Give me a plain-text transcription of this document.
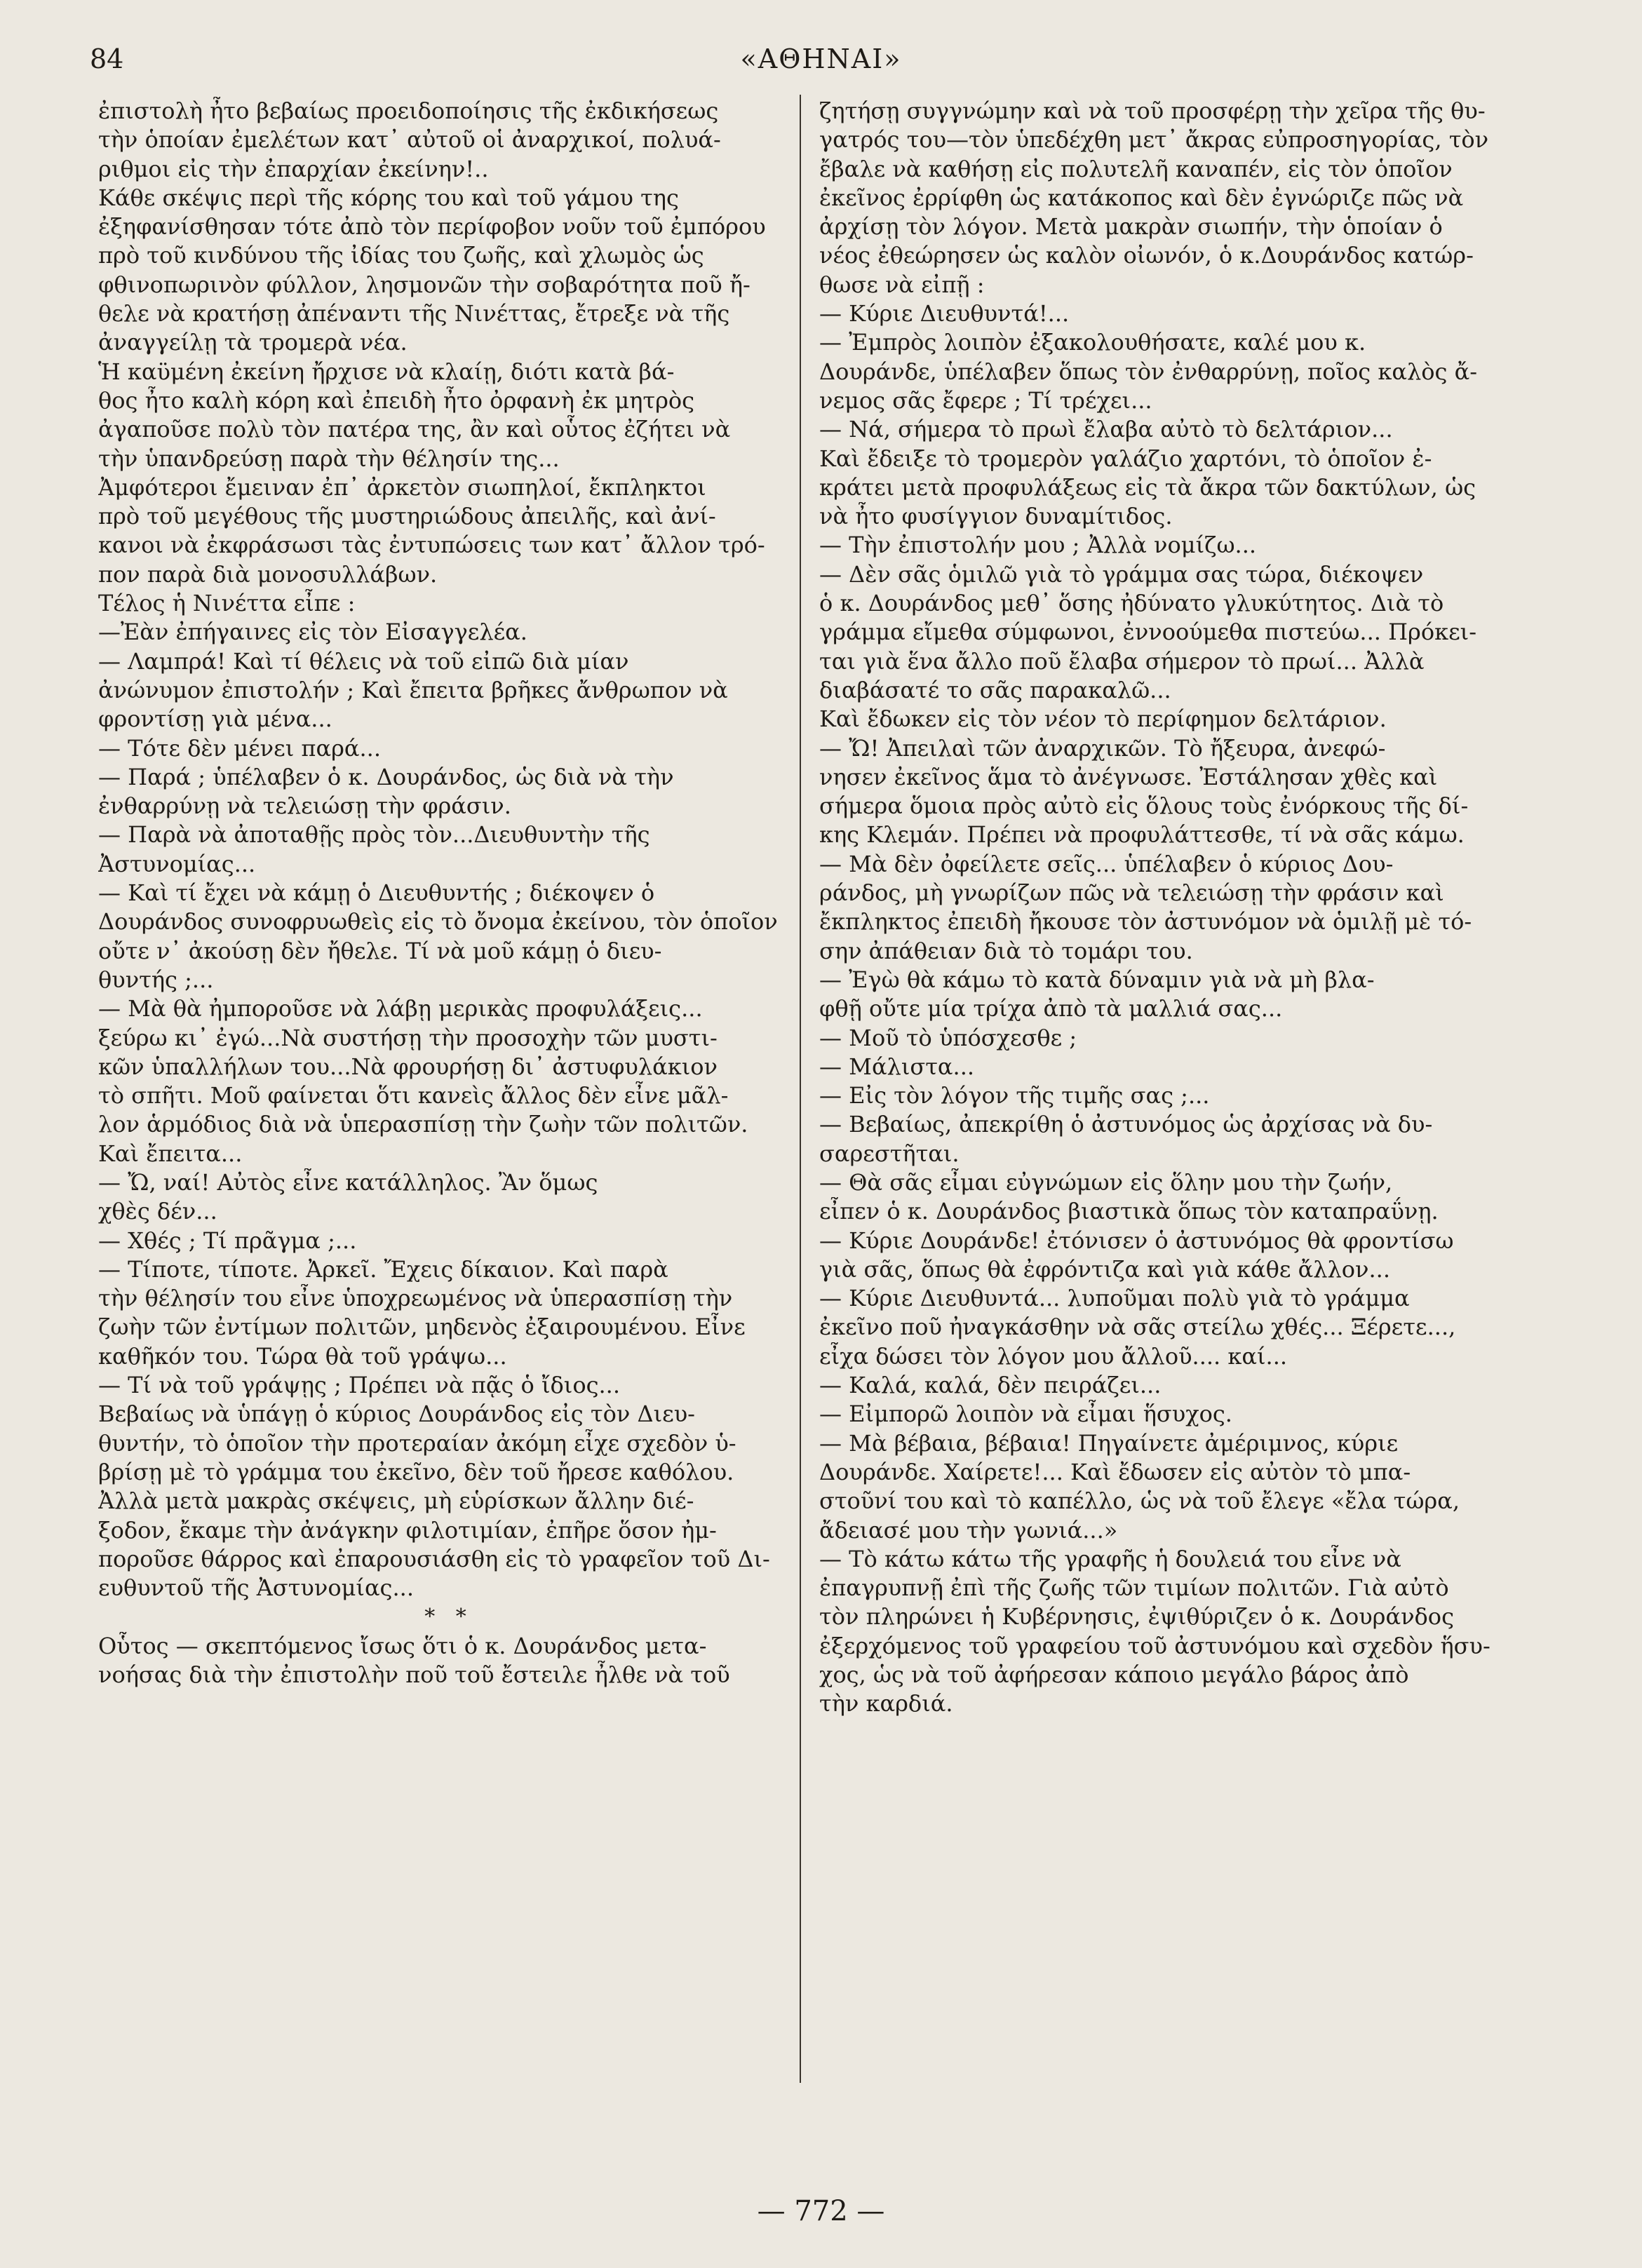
84	«ΑΘΗΝΑΙ»
ἐπιστολὴ ἦτο βεβαίως προειδοποίησις τῆς ἐκδικήσεως
τὴν ὁποίαν ἐμελέτων κατ᾿ αὐτοῦ οἱ ἀναρχικοί, πολυά-
ριθμοι εἰς τὴν ἐπαρχίαν ἐκείνην!..
Κάθε σκέψις περὶ τῆς κόρης του καὶ τοῦ γάμου της
ἐξηφανίσθησαν τότε ἀπὸ τὸν περίφοβον νοῦν τοῦ ἐμπόρου
πρὸ τοῦ κινδύνου τῆς ἰδίας του ζωῆς, καὶ χλωμὸς ὡς
φθινοπωρινὸν φύλλον, λησμονῶν τὴν σοβαρότητα ποῦ ἤ-
θελε νὰ κρατήσῃ ἀπέναντι τῆς Νινέττας, ἔτρεξε νὰ τῆς
ἀναγγείλῃ τὰ τρομερὰ νέα.
Ἡ καϋμένη ἐκείνη ἤρχισε νὰ κλαίῃ, διότι κατὰ βά-
θος ἦτο καλὴ κόρη καὶ ἐπειδὴ ἦτο ὀρφανὴ ἐκ μητρὸς
ἀγαποῦσε πολὺ τὸν πατέρα της, ἂν καὶ οὗτος ἐζήτει νὰ
τὴν ὑπανδρεύσῃ παρὰ τὴν θέλησίν της...
Ἀμφότεροι ἔμειναν ἐπ᾿ ἀρκετὸν σιωπηλοί, ἔκπληκτοι
πρὸ τοῦ μεγέθους τῆς μυστηριώδους ἀπειλῆς, καὶ ἀνί-
κανοι νὰ ἐκφράσωσι τὰς ἐντυπώσεις των κατ᾿ ἄλλον τρό-
πον παρὰ διὰ μονοσυλλάβων.
Τέλος ἡ Νινέττα εἶπε :
—Ἐὰν ἐπήγαινες εἰς τὸν Εἰσαγγελέα.
— Λαμπρά! Καὶ τί θέλεις νὰ τοῦ εἰπῶ διὰ μίαν
ἀνώνυμον ἐπιστολήν ; Καὶ ἔπειτα βρῆκες ἄνθρωπον νὰ
φροντίσῃ γιὰ μένα...
— Τότε δὲν μένει παρά...
— Παρά ; ὑπέλαβεν ὁ κ. Δουράνδος, ὡς διὰ νὰ τὴν
ἐνθαρρύνῃ νὰ τελειώσῃ τὴν φράσιν.
— Παρὰ νὰ ἀποταθῇς πρὸς τὸν...Διευθυντὴν τῆς
Ἀστυνομίας...
— Καὶ τί ἔχει νὰ κάμῃ ὁ Διευθυντής ; διέκοψεν ὁ
Δουράνδος συνοφρυωθεὶς εἰς τὸ ὄνομα ἐκείνου, τὸν ὁποῖον
οὔτε ν᾿ ἀκούσῃ δὲν ἤθελε. Τί νὰ μοῦ κάμῃ ὁ διευ-
θυντής ;...
— Μὰ θὰ ἠμποροῦσε νὰ λάβῃ μερικὰς προφυλάξεις...
ξεύρω κι᾿ ἐγώ...Νὰ συστήσῃ τὴν προσοχὴν τῶν μυστι-
κῶν ὑπαλλήλων του...Νὰ φρουρήσῃ δι᾿ ἀστυφυλάκιον
τὸ σπῆτι. Μοῦ φαίνεται ὅτι κανεὶς ἄλλος δὲν εἶνε μᾶλ-
λον ἁρμόδιος διὰ νὰ ὑπερασπίσῃ τὴν ζωὴν τῶν πολιτῶν.
Καὶ ἔπειτα...
— Ὤ, ναί! Αὐτὸς εἶνε κατάλληλος. Ἂν ὅμως
χθὲς δέν...
— Χθές ; Τί πρᾶγμα ;...
— Τίποτε, τίποτε. Ἀρκεῖ. Ἔχεις δίκαιον. Καὶ παρὰ
τὴν θέλησίν του εἶνε ὑποχρεωμένος νὰ ὑπερασπίσῃ τὴν
ζωὴν τῶν ἐντίμων πολιτῶν, μηδενὸς ἐξαιρουμένου. Εἶνε
καθῆκόν του. Τώρα θὰ τοῦ γράψω...
— Τί νὰ τοῦ γράψῃς ; Πρέπει νὰ πᾷς ὁ ἴδιος...
Βεβαίως νὰ ὑπάγῃ ὁ κύριος Δουράνδος εἰς τὸν Διευ-
θυντήν, τὸ ὁποῖον τὴν προτεραίαν ἀκόμη εἶχε σχεδὸν ὑ-
βρίσῃ μὲ τὸ γράμμα του ἐκεῖνο, δὲν τοῦ ἤρεσε καθόλου.
Ἀλλὰ μετὰ μακρὰς σκέψεις, μὴ εὑρίσκων ἄλλην διέ-
ξοδον, ἔκαμε τὴν ἀνάγκην φιλοτιμίαν, ἐπῆρε ὅσον ἠμ-
ποροῦσε θάρρος καὶ ἐπαρουσιάσθη εἰς τὸ γραφεῖον τοῦ Δι-
ευθυντοῦ τῆς Ἀστυνομίας...
* *
Οὗτος — σκεπτόμενος ἴσως ὅτι ὁ κ. Δουράνδος μετα-
νοήσας διὰ τὴν ἐπιστολὴν ποῦ τοῦ ἔστειλε ἦλθε νὰ τοῦ
ζητήσῃ συγγνώμην καὶ νὰ τοῦ προσφέρῃ τὴν χεῖρα τῆς θυ-
γατρός του—τὸν ὑπεδέχθη μετ᾿ ἄκρας εὐπροσηγορίας, τὸν
ἔβαλε νὰ καθήσῃ εἰς πολυτελῆ καναπέν, εἰς τὸν ὁποῖον
ἐκεῖνος ἐρρίφθη ὡς κατάκοπος καὶ δὲν ἐγνώριζε πῶς νὰ
ἀρχίσῃ τὸν λόγον. Μετὰ μακρὰν σιωπήν, τὴν ὁποίαν ὁ
νέος ἐθεώρησεν ὡς καλὸν οἰωνόν, ὁ κ.Δουράνδος κατώρ-
θωσε νὰ εἰπῇ :
— Κύριε Διευθυντά!...
— Ἐμπρὸς λοιπὸν ἐξακολουθήσατε, καλέ μου κ.
Δουράνδε, ὑπέλαβεν ὅπως τὸν ἐνθαρρύνῃ, ποῖος καλὸς ἄ-
νεμος σᾶς ἔφερε ; Τί τρέχει...
— Νά, σήμερα τὸ πρωὶ ἔλαβα αὐτὸ τὸ δελτάριον...
Καὶ ἔδειξε τὸ τρομερὸν γαλάζιο χαρτόνι, τὸ ὁποῖον ἐ-
κράτει μετὰ προφυλάξεως εἰς τὰ ἄκρα τῶν δακτύλων, ὡς
νὰ ἦτο φυσίγγιον δυναμίτιδος.
— Τὴν ἐπιστολήν μου ; Ἀλλὰ νομίζω...
— Δὲν σᾶς ὁμιλῶ γιὰ τὸ γράμμα σας τώρα, διέκοψεν
ὁ κ. Δουράνδος μεθ᾿ ὅσης ἠδύνατο γλυκύτητος. Διὰ τὸ
γράμμα εἴμεθα σύμφωνοι, ἐννοούμεθα πιστεύω... Πρόκει-
ται γιὰ ἕνα ἄλλο ποῦ ἔλαβα σήμερον τὸ πρωί... Ἀλλὰ
διαβάσατέ το σᾶς παρακαλῶ...
Καὶ ἔδωκεν εἰς τὸν νέον τὸ περίφημον δελτάριον.
— Ὤ! Ἀπειλαὶ τῶν ἀναρχικῶν. Τὸ ἤξευρα, ἀνεφώ-
νησεν ἐκεῖνος ἅμα τὸ ἀνέγνωσε. Ἐστάλησαν χθὲς καὶ
σήμερα ὅμοια πρὸς αὐτὸ εἰς ὅλους τοὺς ἐνόρκους τῆς δί-
κης Κλεμάν. Πρέπει νὰ προφυλάττεσθε, τί νὰ σᾶς κάμω.
— Μὰ δὲν ὀφείλετε σεῖς... ὑπέλαβεν ὁ κύριος Δου-
ράνδος, μὴ γνωρίζων πῶς νὰ τελειώσῃ τὴν φράσιν καὶ
ἔκπληκτος ἐπειδὴ ἤκουσε τὸν ἀστυνόμον νὰ ὁμιλῇ μὲ τό-
σην ἀπάθειαν διὰ τὸ τομάρι του.
— Ἐγὼ θὰ κάμω τὸ κατὰ δύναμιν γιὰ νὰ μὴ βλα-
φθῇ οὔτε μία τρίχα ἀπὸ τὰ μαλλιά σας...
— Μοῦ τὸ ὑπόσχεσθε ;
— Μάλιστα...
— Εἰς τὸν λόγον τῆς τιμῆς σας ;...
— Βεβαίως, ἀπεκρίθη ὁ ἀστυνόμος ὡς ἀρχίσας νὰ δυ-
σαρεστῆται.
— Θὰ σᾶς εἶμαι εὐγνώμων εἰς ὅλην μου τὴν ζωήν,
εἶπεν ὁ κ. Δουράνδος βιαστικὰ ὅπως τὸν καταπραΰνῃ.
— Κύριε Δουράνδε! ἐτόνισεν ὁ ἀστυνόμος θὰ φροντίσω
γιὰ σᾶς, ὅπως θὰ ἐφρόντιζα καὶ γιὰ κάθε ἄλλον...
— Κύριε Διευθυντά... λυποῦμαι πολὺ γιὰ τὸ γράμμα
ἐκεῖνο ποῦ ἠναγκάσθην νὰ σᾶς στείλω χθές... Ξέρετε...,
εἶχα δώσει τὸν λόγον μου ἄλλοῦ.... καί...
— Καλά, καλά, δὲν πειράζει...
— Εἰμπορῶ λοιπὸν νὰ εἶμαι ἥσυχος.
— Μὰ βέβαια, βέβαια! Πηγαίνετε ἀμέριμνος, κύριε
Δουράνδε. Χαίρετε!... Καὶ ἔδωσεν εἰς αὐτὸν τὸ μπα-
στοῦνί του καὶ τὸ καπέλλο, ὡς νὰ τοῦ ἔλεγε «ἔλα τώρα,
ἄδειασέ μου τὴν γωνιά...»
— Τὸ κάτω κάτω τῆς γραφῆς ἡ δουλειά του εἶνε νὰ
ἐπαγρυπνῇ ἐπὶ τῆς ζωῆς τῶν τιμίων πολιτῶν. Γιὰ αὐτὸ
τὸν πληρώνει ἡ Κυβέρνησις, ἐψιθύριζεν ὁ κ. Δουράνδος
ἐξερχόμενος τοῦ γραφείου τοῦ ἀστυνόμου καὶ σχεδὸν ἥσυ-
χος, ὡς νὰ τοῦ ἀφήρεσαν κάποιο μεγάλο βάρος ἀπὸ
τὴν καρδιά.
— 772 —
